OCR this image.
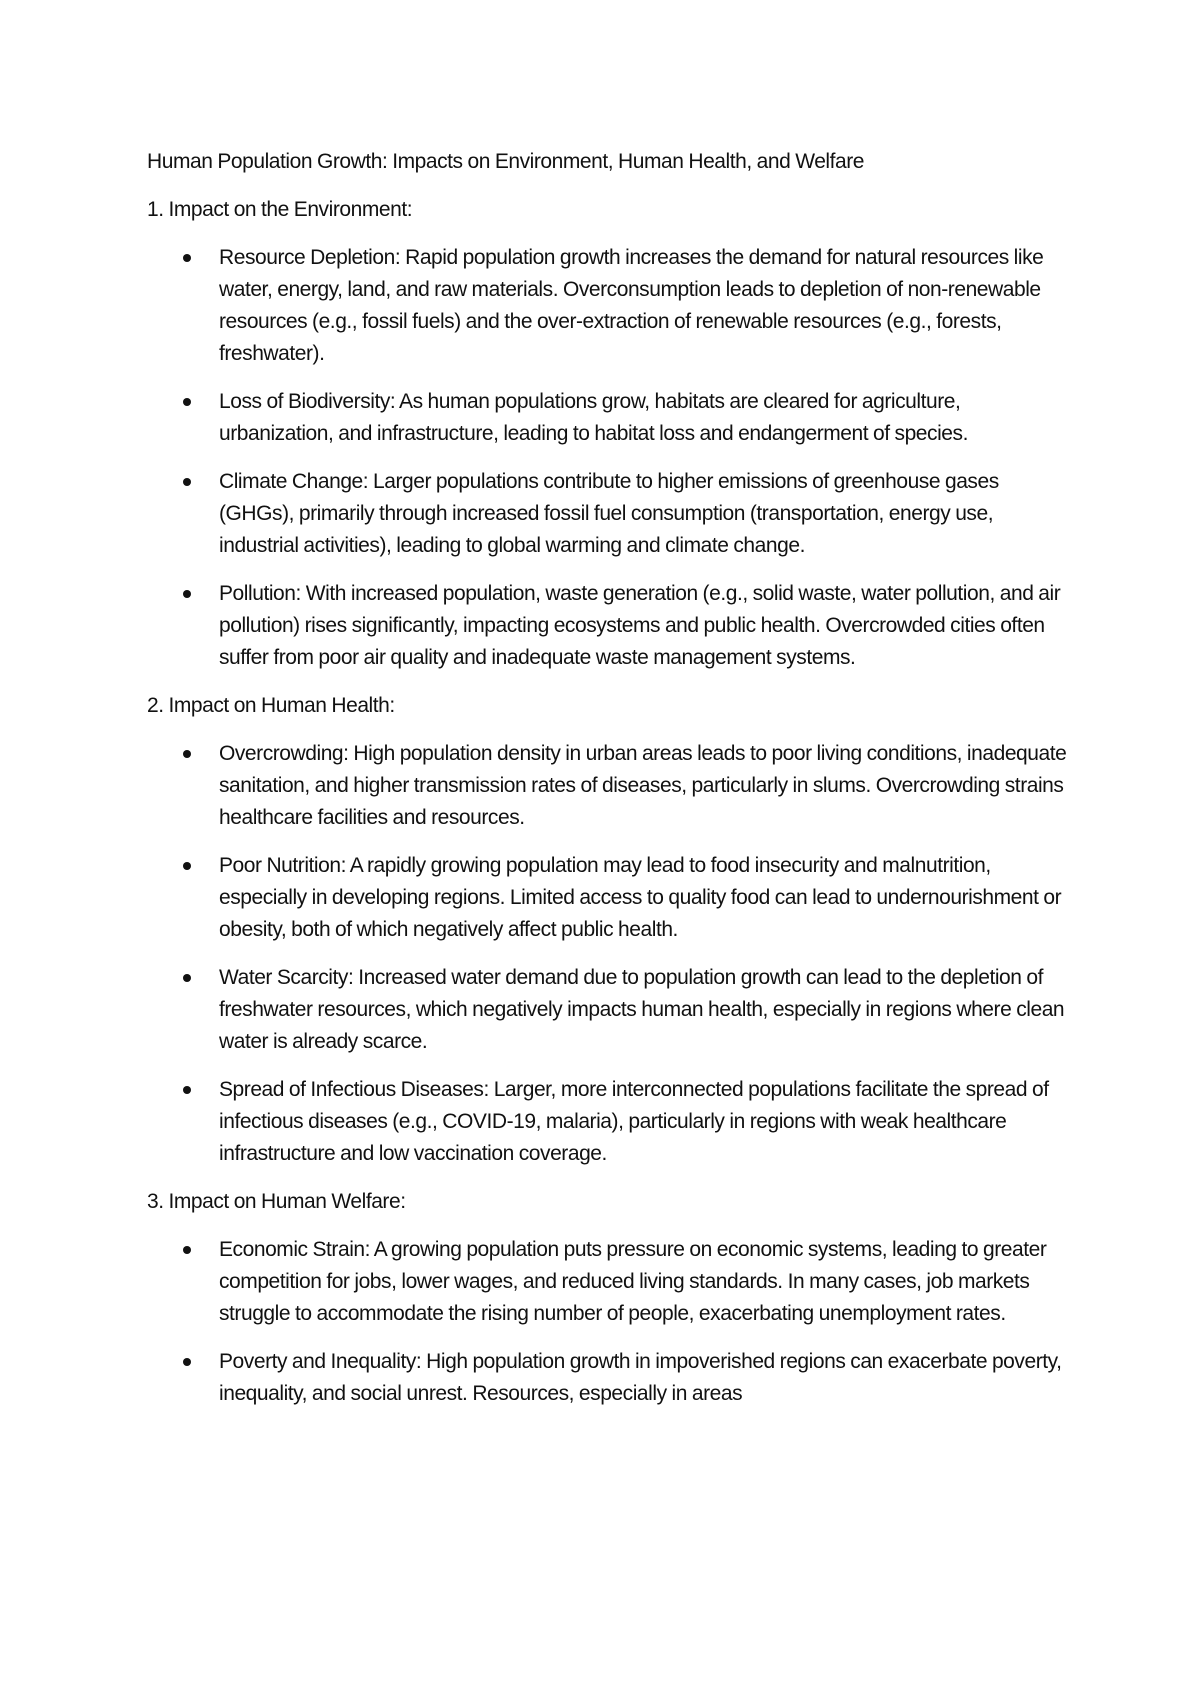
Human Population Growth: Impacts on Environment, Human Health, and Welfare

1. Impact on the Environment:

Resource Depletion: Rapid population growth increases the demand for natural resources like water, energy, land, and raw materials. Overconsumption leads to depletion of non-renewable resources (e.g., fossil fuels) and the over-extraction of renewable resources (e.g., forests, freshwater).
Loss of Biodiversity: As human populations grow, habitats are cleared for agriculture, urbanization, and infrastructure, leading to habitat loss and endangerment of species.
Climate Change: Larger populations contribute to higher emissions of greenhouse gases (GHGs), primarily through increased fossil fuel consumption (transportation, energy use, industrial activities), leading to global warming and climate change.
Pollution: With increased population, waste generation (e.g., solid waste, water pollution, and air pollution) rises significantly, impacting ecosystems and public health. Overcrowded cities often suffer from poor air quality and inadequate waste management systems.

2. Impact on Human Health:

Overcrowding: High population density in urban areas leads to poor living conditions, inadequate sanitation, and higher transmission rates of diseases, particularly in slums. Overcrowding strains healthcare facilities and resources.
Poor Nutrition: A rapidly growing population may lead to food insecurity and malnutrition, especially in developing regions. Limited access to quality food can lead to undernourishment or obesity, both of which negatively affect public health.
Water Scarcity: Increased water demand due to population growth can lead to the depletion of freshwater resources, which negatively impacts human health, especially in regions where clean water is already scarce.
Spread of Infectious Diseases: Larger, more interconnected populations facilitate the spread of infectious diseases (e.g., COVID-19, malaria), particularly in regions with weak healthcare infrastructure and low vaccination coverage.

3. Impact on Human Welfare:

Economic Strain: A growing population puts pressure on economic systems, leading to greater competition for jobs, lower wages, and reduced living standards. In many cases, job markets struggle to accommodate the rising number of people, exacerbating unemployment rates.
Poverty and Inequality: High population growth in impoverished regions can exacerbate poverty, inequality, and social unrest. Resources, especially in areas
